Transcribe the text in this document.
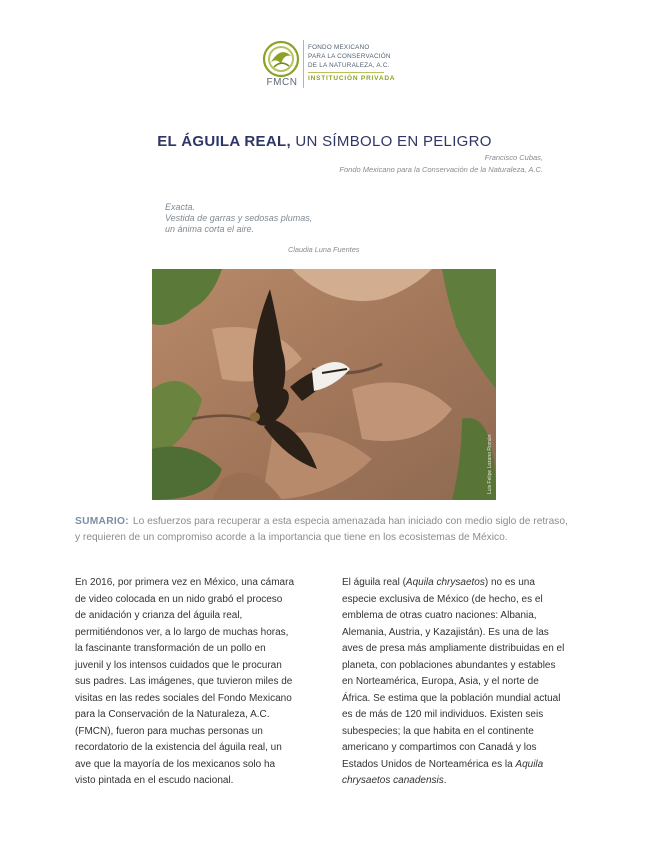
FMCN
FONDO MEXICANO
PARA LA CONSERVACIÓN
DE LA NATURALEZA, A.C.
INSTITUCIÓN PRIVADA
EL ÁGUILA REAL, UN SÍMBOLO EN PELIGRO
Francisco Cubas,
Fondo Mexicano para la Conservación de la Naturaleza, A.C.
Exacta.
Vestida de garras y sedosas plumas,
un ánima corta el aire.
Claudia Luna Fuentes
Luis Felipe Lozano Román
SUMARIO: Lo esfuerzos para recuperar a esta especia amenazada han iniciado con medio siglo de retraso, y requieren de un compromiso acorde a la importancia que tiene en los ecosistemas de México.
En 2016, por primera vez en México, una cámara
de video colocada en un nido grabó el proceso
de anidación y crianza del águila real,
permitiéndonos ver, a lo largo de muchas horas,
la fascinante transformación de un pollo en
juvenil y los intensos cuidados que le procuran
sus padres. Las imágenes, que tuvieron miles de
visitas en las redes sociales del Fondo Mexicano
para la Conservación de la Naturaleza, A.C.
(FMCN), fueron para muchas personas un
recordatorio de la existencia del águila real, un
ave que la mayoría de los mexicanos solo ha
visto pintada en el escudo nacional.
El águila real (Aquila chrysaetos) no es una
especie exclusiva de México (de hecho, es el
emblema de otras cuatro naciones: Albania,
Alemania, Austria, y Kazajistán). Es una de las
aves de presa más ampliamente distribuidas en el
planeta, con poblaciones abundantes y estables
en Norteamérica, Europa, Asia, y el norte de
África. Se estima que la población mundial actual
es de más de 120 mil individuos. Existen seis
subespecies; la que habita en el continente
americano y compartimos con Canadá y los
Estados Unidos de Norteamérica es la Aquila
chrysaetos canadensis.
